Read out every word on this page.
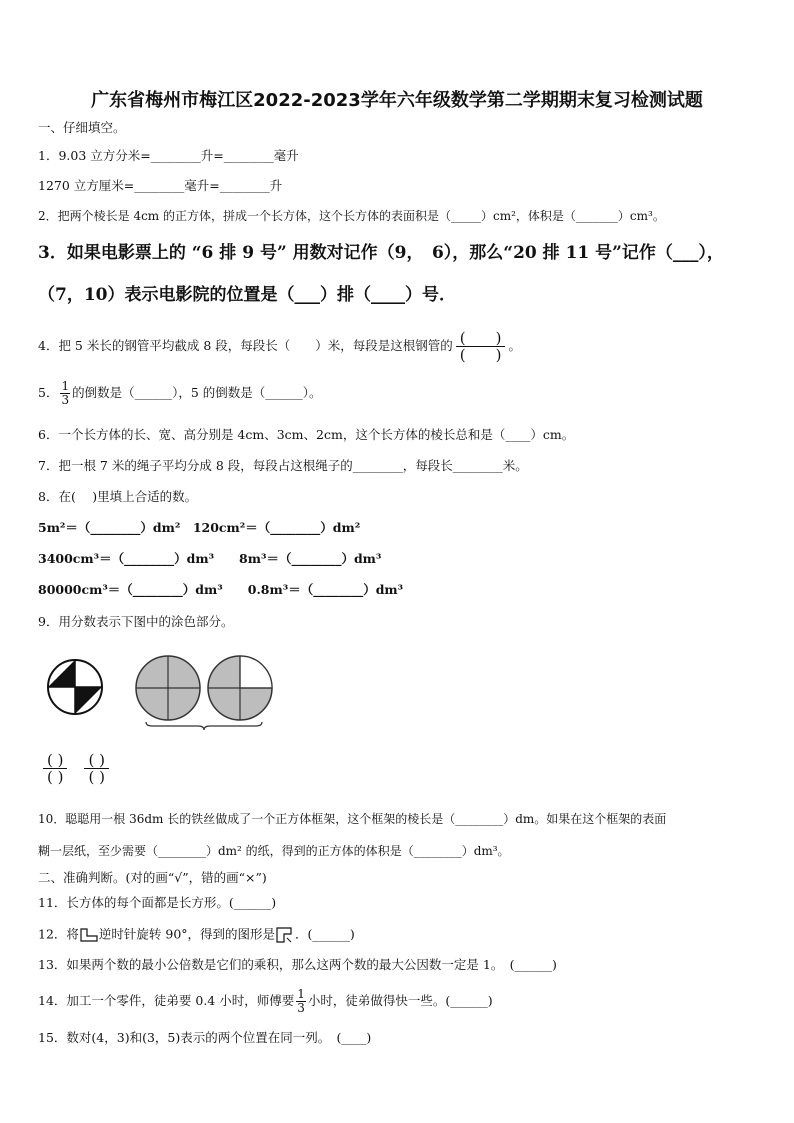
广东省梅州市梅江区2022-2023学年六年级数学第二学期期末复习检测试题
一、仔细填空。
1．9.03 立方分米=________升=________毫升
1270 立方厘米=________毫升=________升
2．把两个棱长是 4cm 的正方体，拼成一个长方体，这个长方体的表面积是（_____）cm²，体积是（_______）cm³。
3．如果电影票上的 “6 排 9 号” 用数对记作（9，　6），那么“20 排 11 号”记作（___），
（7，10）表示电影院的位置是（___）排（____）号．
4．把 5 米长的钢管平均截成 8 段，每段长（　　）米，每段是这根钢管的 (　　)
(　　)
。
5． $\frac{1}{3}$ 的倒数是（______），5 的倒数是（______）。
6．一个长方体的长、宽、高分别是 4cm、3cm、2cm，这个长方体的棱长总和是（____）cm。
7．把一根 7 米的绳子平均分成 8 段，每段占这根绳子的________，每段长________米。
8．在(　 )里填上合适的数。
5m²＝（________）dm²　120cm²＝（________）dm²
3400cm³＝（________）dm³　　8m³＝（________）dm³
80000cm³＝（________）dm³　　0.8m³＝（________）dm³
9．用分数表示下图中的涂色部分。
( )
( )

( )
( )
10．聪聪用一根 36dm 长的铁丝做成了一个正方体框架，这个框架的棱长是（________）dm。如果在这个框架的表面
糊一层纸，至少需要（________）dm² 的纸，得到的正方体的体积是（________）dm³。
二、准确判断。(对的画“√”，错的画“×”)
11．长方体的每个面都是长方形。(______)
12．将 逆时针旋转 90°，得到的图形是 ．(______)
13．如果两个数的最小公倍数是它们的乘积，那么这两个数的最大公因数一定是 1。　(______)
14．加工一个零件，徒弟要 0.4 小时，师傅要 $\frac{1}{3}$ 小时，徒弟做得快一些。(______)
15．数对(4，3)和(3，5)表示的两个位置在同一列。　(____)
